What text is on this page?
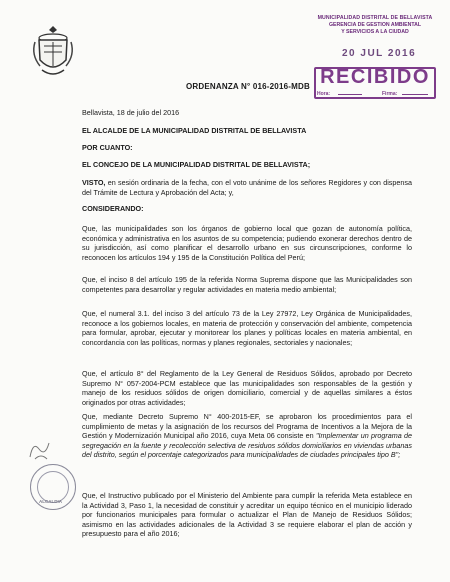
MUNICIPALIDAD DISTRITAL DE BELLAVISTA
GERENCIA DE GESTION AMBIENTAL
Y SERVICIOS A LA CIUDAD
20 JUL 2016
RECIBIDO
Hora:	Firma:
ORDENANZA N° 016-2016-MDB
Bellavista, 18 de julio del 2016
EL ALCALDE DE LA MUNICIPALIDAD DISTRITAL DE BELLAVISTA
POR CUANTO:
EL CONCEJO DE LA MUNICIPALIDAD DISTRITAL DE BELLAVISTA;
VISTO, en sesión ordinaria de la fecha, con el voto unánime de los señores Regidores y con dispensa del Trámite de Lectura y Aprobación del Acta; y,
CONSIDERANDO:
Que, las municipalidades son los órganos de gobierno local que gozan de autonomía política, económica y administrativa en los asuntos de su competencia; pudiendo exonerar derechos dentro de su jurisdicción, así como planificar el desarrollo urbano en sus circunscripciones, conforme lo reconocen los artículos 194 y 195 de la Constitución Política del Perú;
Que, el inciso 8 del artículo 195 de la referida Norma Suprema dispone que las Municipalidades son competentes para desarrollar y regular actividades en materia medio ambiental;
Que, el numeral 3.1. del inciso 3 del artículo 73 de la Ley 27972, Ley Orgánica de Municipalidades, reconoce a los gobiernos locales, en materia de protección y conservación del ambiente, competencia para formular, aprobar, ejecutar y monitorear los planes y políticas locales en materia ambiental, en concordancia con las políticas, normas y planes regionales, sectoriales y nacionales;
Que, el artículo 8° del Reglamento de la Ley General de Residuos Sólidos, aprobado por Decreto Supremo N° 057-2004-PCM establece que las municipalidades son responsables de la gestión y manejo de los residuos sólidos de origen domiciliario, comercial y de aquellas similares a éstos originados por otras actividades;
Que, mediante Decreto Supremo N° 400-2015-EF, se aprobaron los procedimientos para el cumplimiento de metas y la asignación de los recursos del Programa de Incentivos a la Mejora de la Gestión y Modernización Municipal año 2016, cuya Meta 06 consiste en "Implementar un programa de segregación en la fuente y recolección selectiva de residuos sólidos domiciliarios en viviendas urbanas del distrito, según el porcentaje categorizados para municipalidades de ciudades principales tipo B";
Que, el Instructivo publicado por el Ministerio del Ambiente para cumplir la referida Meta establece en la Actividad 3, Paso 1, la necesidad de constituir y acreditar un equipo técnico en el municipio liderado por funcionarios municipales para formular o actualizar el Plan de Manejo de Residuos Sólidos; asimismo en las actividades adicionales de la Actividad 3 se requiere elaborar el plan de acción y presupuesto para el año 2016;
ALCALDIA
